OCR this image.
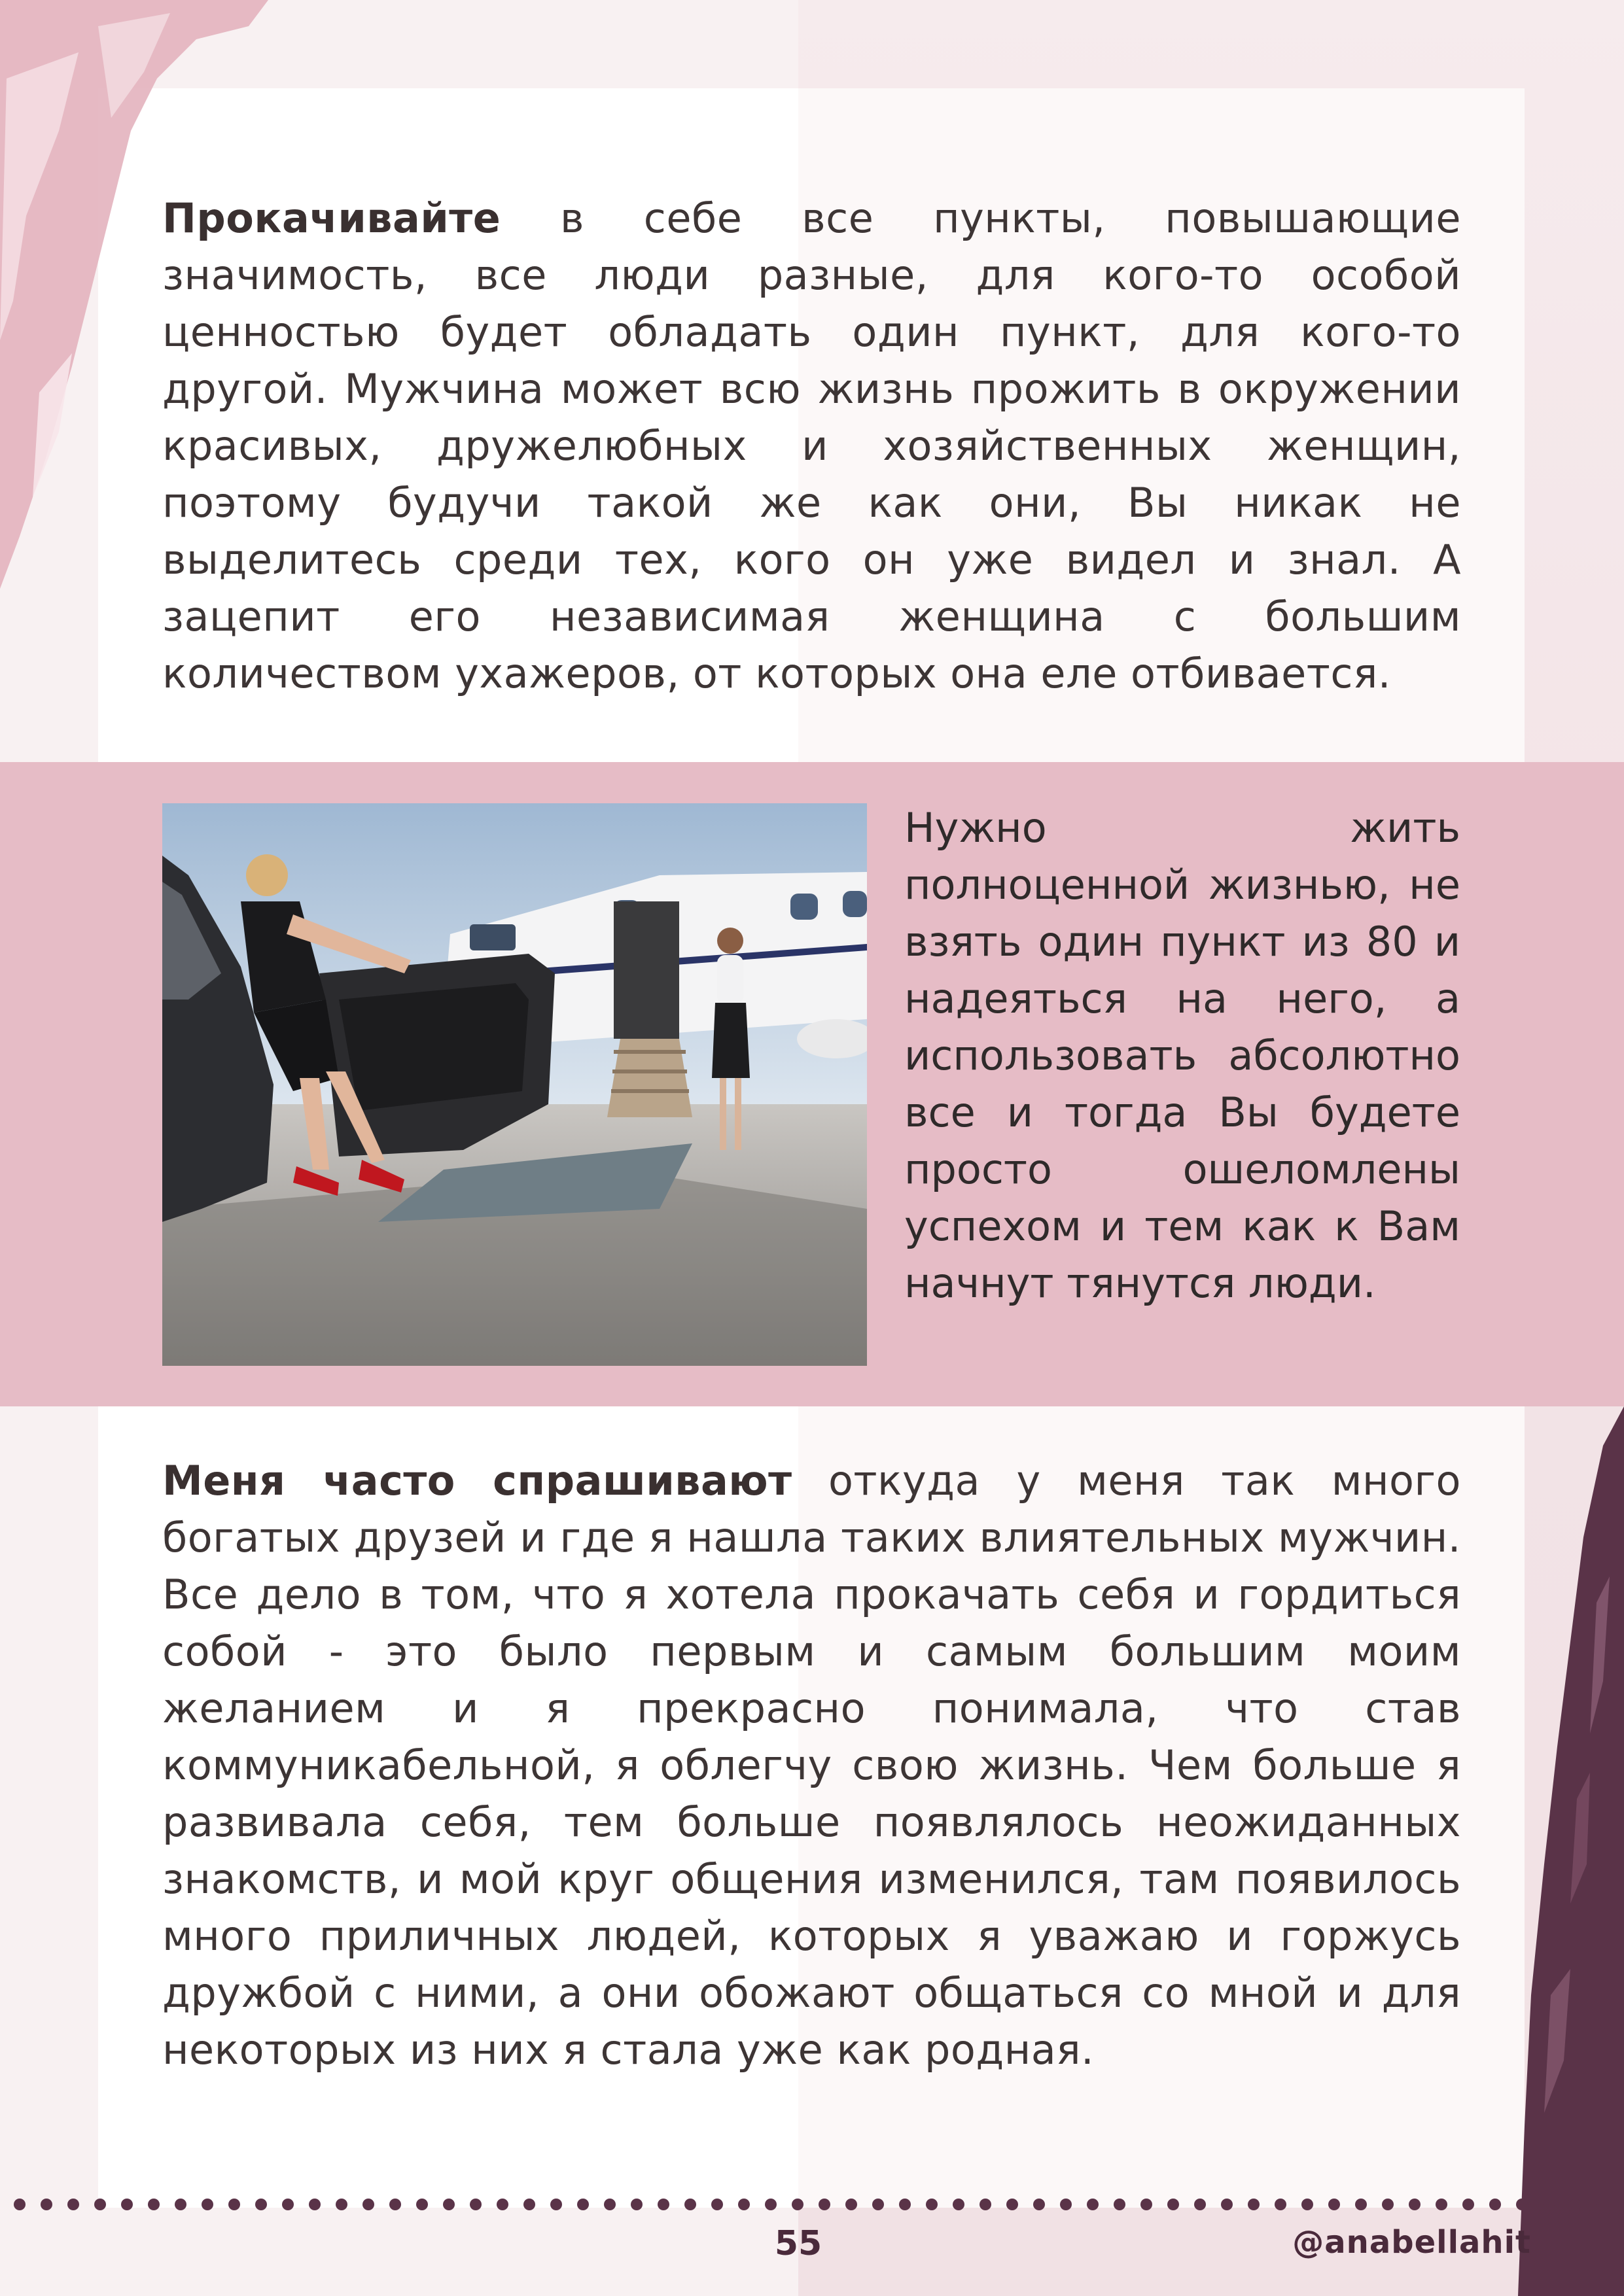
Прокачивайте в себе все пункты, повышающие значимость, все люди разные, для кого-то особой ценностью будет обладать один пункт, для кого-то другой. Мужчина может всю жизнь прожить в окружении красивых, дружелюбных и хозяйственных женщин, поэтому будучи такой же как они, Вы никак не выделитесь среди тех, кого он уже видел и знал. А зацепит его независимая женщина с большим количеством ухажеров, от которых она еле отбивается.

Нужно жить полноценной жизнью, не взять один пункт из 80 и надеяться на него, а использовать абсолютно все и тогда Вы будете просто ошеломлены успехом и тем как к Вам начнут тянутся люди.

Меня часто спрашивают откуда у меня так много богатых друзей и где я нашла таких влиятельных мужчин. Все дело в том, что я хотела прокачать себя и гордиться собой - это было первым и самым большим моим желанием и я прекрасно понимала, что став коммуникабельной, я облегчу свою жизнь. Чем больше я развивала себя, тем больше появлялось неожиданных знакомств, и мой круг общения изменился, там появилось много приличных людей, которых я уважаю и горжусь дружбой с ними, а они обожают общаться со мной и для некоторых из них я стала уже как родная.

55	@anabellahit
